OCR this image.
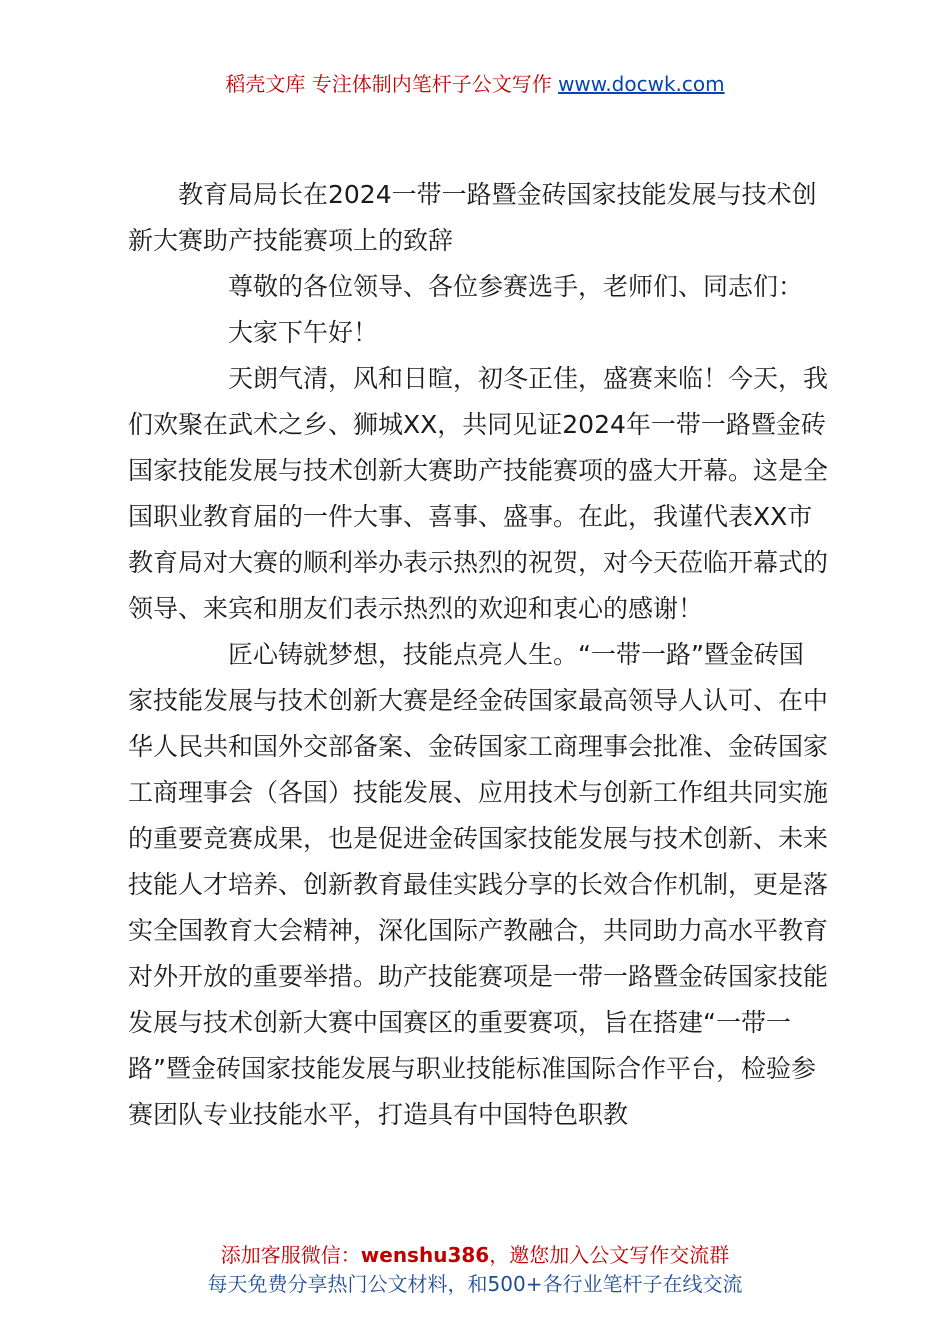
稻壳文库 专注体制内笔杆子公文写作 www.docwk.com

教育局局长在2024一带一路暨金砖国家技能发展与技术创新大赛助产技能赛项上的致辞

尊敬的各位领导、各位参赛选手，老师们、同志们：

大家下午好！

天朗气清，风和日暄，初冬正佳，盛赛来临！今天，我们欢聚在武术之乡、狮城XX，共同见证2024年一带一路暨金砖国家技能发展与技术创新大赛助产技能赛项的盛大开幕。这是全国职业教育届的一件大事、喜事、盛事。在此，我谨代表XX市教育局对大赛的顺利举办表示热烈的祝贺，对今天莅临开幕式的领导、来宾和朋友们表示热烈的欢迎和衷心的感谢！

匠心铸就梦想，技能点亮人生。“一带一路”暨金砖国家技能发展与技术创新大赛是经金砖国家最高领导人认可、在中华人民共和国外交部备案、金砖国家工商理事会批准、金砖国家工商理事会（各国）技能发展、应用技术与创新工作组共同实施的重要竞赛成果，也是促进金砖国家技能发展与技术创新、未来技能人才培养、创新教育最佳实践分享的长效合作机制，更是落实全国教育大会精神，深化国际产教融合，共同助力高水平教育对外开放的重要举措。助产技能赛项是一带一路暨金砖国家技能发展与技术创新大赛中国赛区的重要赛项，旨在搭建“一带一路”暨金砖国家技能发展与职业技能标准国际合作平台，检验参赛团队专业技能水平，打造具有中国特色职教

添加客服微信：wenshu386，邀您加入公文写作交流群
每天免费分享热门公文材料，和500+各行业笔杆子在线交流
